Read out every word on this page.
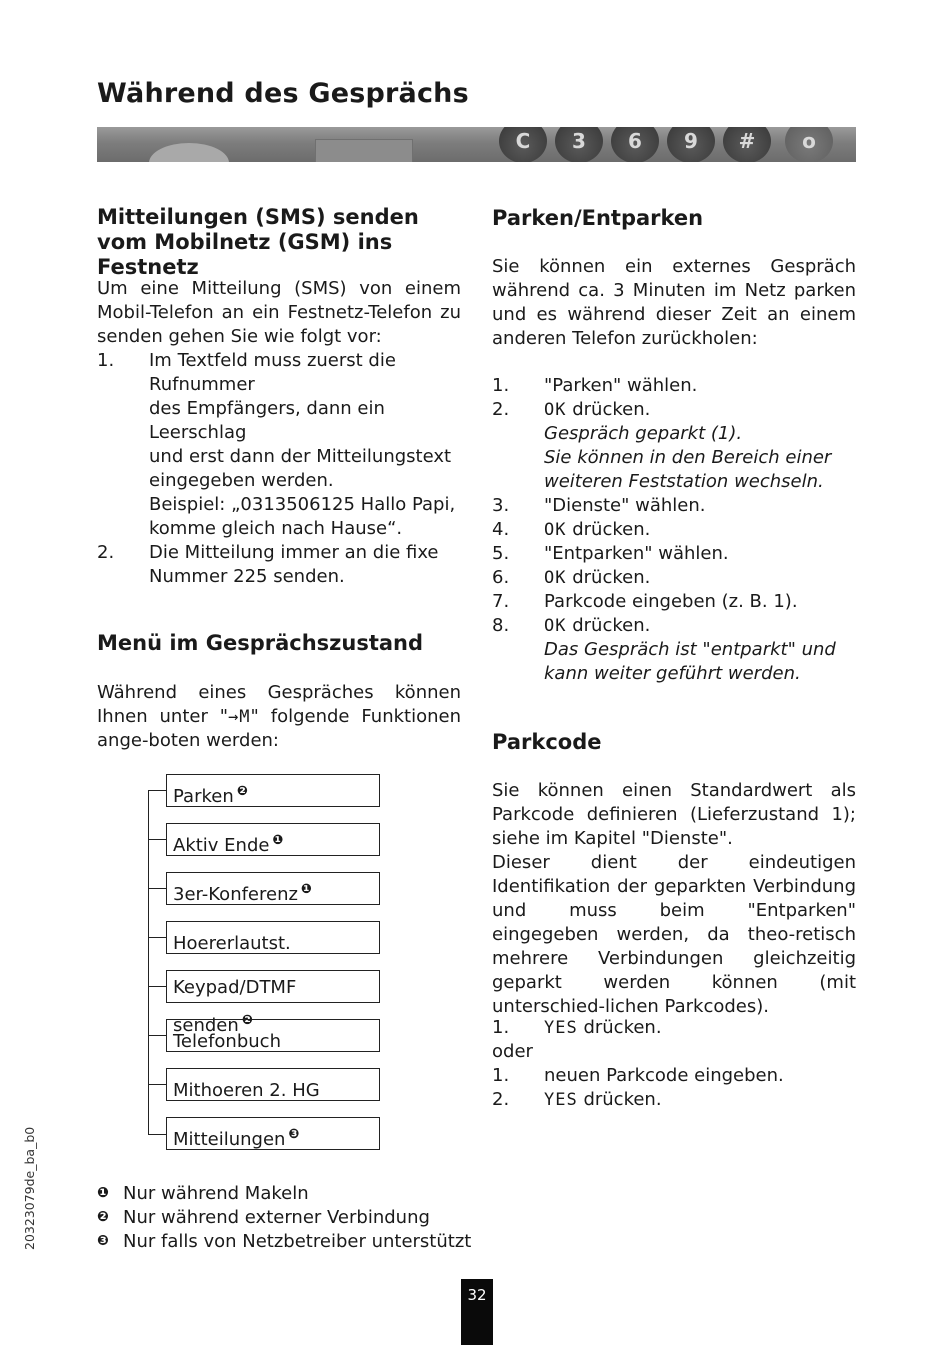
Während des Gesprächs
C	3	6	9	#	o
Mitteilungen (SMS) senden vom Mobilnetz (GSM) ins Festnetz

Um eine Mitteilung (SMS) von einem Mobil-Telefon an ein Festnetz-Telefon zu senden gehen Sie wie folgt vor:

1. Im Textfeld muss zuerst die
Rufnummer
des Empfängers, dann ein
Leerschlag
und erst dann der Mitteilungstext
eingegeben werden.
Beispiel: „0313506125 Hallo Papi,
komme gleich nach Hause“.
2. Die Mitteilung immer an die fixe
Nummer 225 senden.
Menü im Gesprächszustand

Während eines Gespräches können Ihnen unter "→M" folgende Funktionen ange-boten werden:

Parken $^❷$
Aktiv Ende $^❶$
3er-Konferenz $^❶$
Hoererlautst.
Keypad/DTMF senden $^❷$
Telefonbuch
Mithoeren 2. HG
Mitteilungen $^❸$
❶ Nur während Makeln
❷ Nur während externer Verbindung
❸ Nur falls von Netzbetreiber unterstützt
Parken/Entparken

Sie können ein externes Gespräch während ca. 3 Minuten im Netz parken und es während dieser Zeit an einem anderen Telefon zurückholen:

1.	"Parken" wählen.
2.	OK drücken.
Gespräch geparkt (1).
Sie können in den Bereich einer
weiteren Feststation wechseln.
3.	"Dienste" wählen.
4.	OK drücken.
5.	"Entparken" wählen.
6.	OK drücken.
7.	Parkcode eingeben (z. B. 1).
8.	OK drücken.
Das Gespräch ist "entparkt" und
kann weiter geführt werden.
Parkcode

Sie können einen Standardwert als Parkcode definieren (Lieferzustand 1); siehe im Kapitel "Dienste".

Dieser dient der eindeutigen Identifikation der geparkten Verbindung und muss beim "Entparken" eingegeben werden, da theo-retisch mehrere Verbindungen gleichzeitig geparkt werden können (mit unterschied-lichen Parkcodes).

1.	YES drücken.
oder
1.	neuen Parkcode eingeben.
2.	YES drücken.
20323079de_ba_b0
32
